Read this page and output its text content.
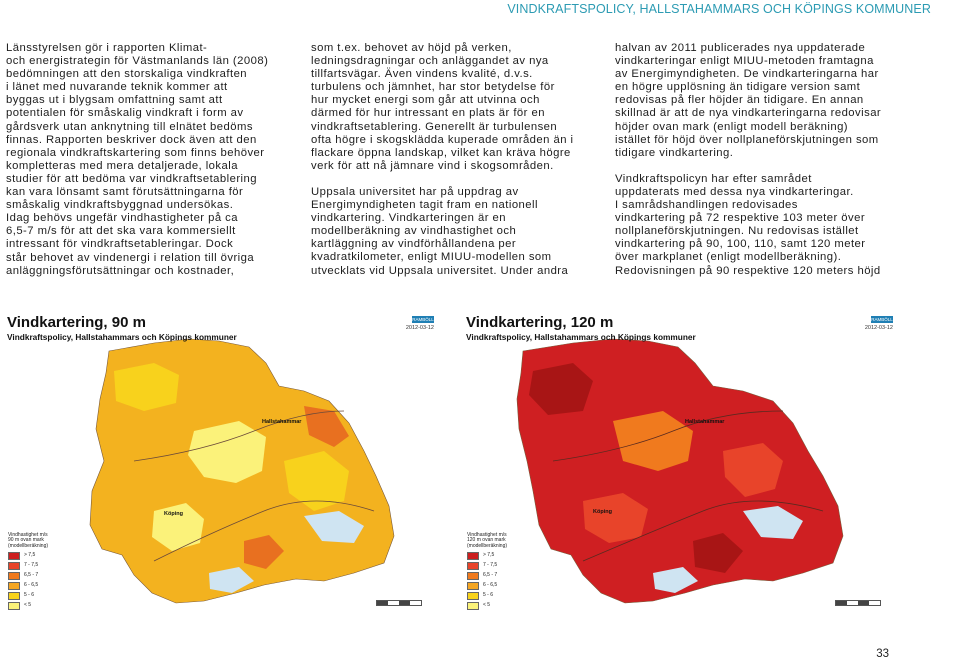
VINDKRAFTSPOLICY, HALLSTAHAMMARS OCH KÖPINGS KOMMUNER

Länsstyrelsen gör i rapporten Klimat-
och energistrategin för Västmanlands län (2008)
bedömningen att den storskaliga vindkraften
i länet med nuvarande teknik kommer att
byggas ut i blygsam omfattning samt att
potentialen för småskalig vindkraft i form av
gårdsverk utan anknytning till elnätet bedöms
finnas. Rapporten beskriver dock även att den
regionala vindkraftskartering som finns behöver
kompletteras med mera detaljerade, lokala
studier för att bedöma var vindkraftsetablering
kan vara lönsamt samt förutsättningarna för
småskalig vindkraftsbyggnad undersökas.
Idag behövs ungefär vindhastigheter på ca
6,5-7 m/s för att det ska vara kommersiellt
intressant för vindkraftsetableringar. Dock
står behovet av vindenergi i relation till övriga
anläggningsförutsättningar och kostnader,

som t.ex. behovet av höjd på verken,
ledningsdragningar och anläggandet av nya
tillfartsvägar. Även vindens kvalité, d.v.s.
turbulens och jämnhet, har stor betydelse för
hur mycket energi som går att utvinna och
därmed för hur intressant en plats är för en
vindkraftsetablering. Generellt är turbulensen
ofta högre i skogsklädda kuperade områden än i
flackare öppna landskap, vilket kan kräva högre
verk för att nå jämnare vind i skogsområden.

Uppsala universitet har på uppdrag av
Energimyndigheten tagit fram en nationell
vindkartering. Vindkarteringen är en
modellberäkning av vindhastighet och
kartläggning av vindförhållandena per
kvadratkilometer, enligt MIUU-modellen som
utvecklats vid Uppsala universitet. Under andra

halvan av 2011 publicerades nya uppdaterade
vindkarteringar enligt MIUU-metoden framtagna
av Energimyndigheten. De vindkarteringarna har
en högre upplösning än tidigare version samt
redovisas på fler höjder än tidigare. En annan
skillnad är att de nya vindkarteringarna redovisar
höjder ovan mark (enligt modell beräkning)
istället för höjd över nollplaneförskjutningen som
tidigare vindkartering.

Vindkraftspolicyn har efter samrådet
uppdaterats med dessa nya vindkarteringar.
I samrådshandlingen redovisades
vindkartering på 72 respektive 103 meter över
nollplaneförskjutningen. Nu redovisas istället
vindkartering på 90, 100, 110, samt 120 meter
över markplanet (enligt modellberäkning).
Redovisningen på 90 respektive 120 meters höjd

Vindkartering, 90 m
Vindkraftspolicy, Hallstahammars och Köpings kommuner
RAMBÖLL
2012-03-12
Hallstahammar
Köping
Vindhastighet m/s
90 m ovan mark
(modellberäkning)
> 7,5
7 - 7,5
6,5 - 7
6 - 6,5
5 - 6
< 5
Vindkartering, 120 m
Vindkraftspolicy, Hallstahammars och Köpings kommuner
RAMBÖLL
2012-03-12
Hallstahammar
Köping
Vindhastighet m/s
120 m ovan mark
(modellberäkning)
> 7,5
7 - 7,5
6,5 - 7
6 - 6,5
5 - 6
< 5
33
